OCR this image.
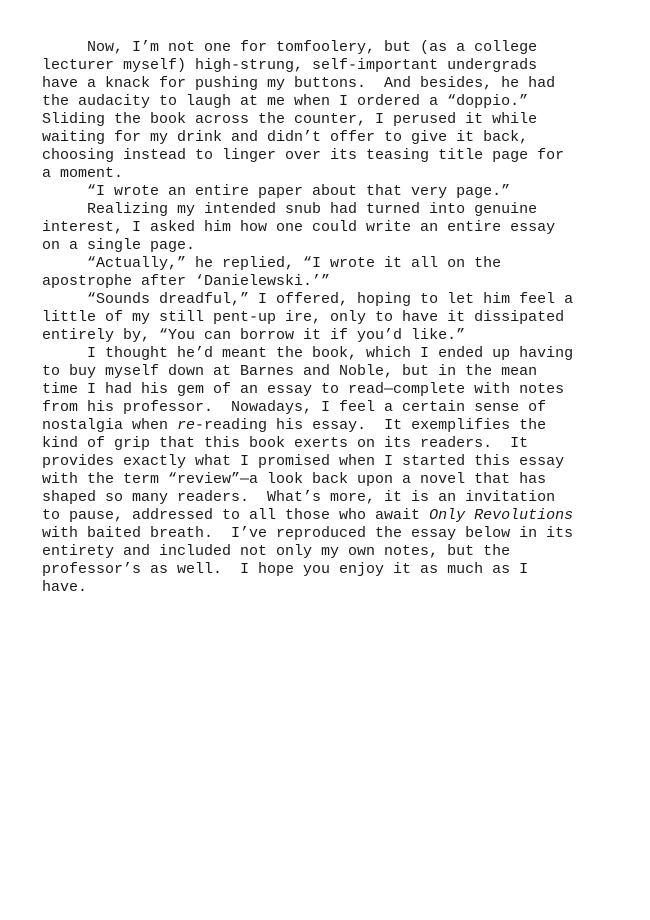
Now, I’m not one for tomfoolery, but (as a college
lecturer myself) high-strung, self-important undergrads
have a knack for pushing my buttons.  And besides, he had
the audacity to laugh at me when I ordered a “doppio.”
Sliding the book across the counter, I perused it while
waiting for my drink and didn’t offer to give it back,
choosing instead to linger over its teasing title page for
a moment.
“I wrote an entire paper about that very page.”
Realizing my intended snub had turned into genuine
interest, I asked him how one could write an entire essay
on a single page.
“Actually,” he replied, “I wrote it all on the
apostrophe after ‘Danielewski.’”
“Sounds dreadful,” I offered, hoping to let him feel a
little of my still pent-up ire, only to have it dissipated
entirely by, “You can borrow it if you’d like.”
I thought he’d meant the book, which I ended up having
to buy myself down at Barnes and Noble, but in the mean
time I had his gem of an essay to read—complete with notes
from his professor.  Nowadays, I feel a certain sense of
nostalgia when re-reading his essay.  It exemplifies the
kind of grip that this book exerts on its readers.  It
provides exactly what I promised when I started this essay
with the term “review”—a look back upon a novel that has
shaped so many readers.  What’s more, it is an invitation
to pause, addressed to all those who await Only Revolutions
with baited breath.  I’ve reproduced the essay below in its
entirety and included not only my own notes, but the
professor’s as well.  I hope you enjoy it as much as I
have.
